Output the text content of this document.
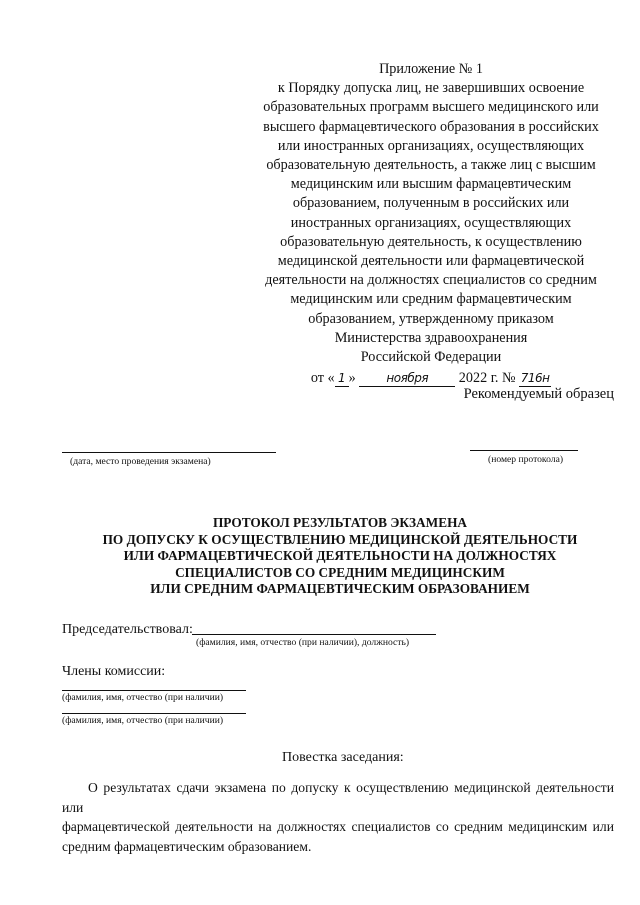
Приложение № 1
к Порядку допуска лиц, не завершивших освоение
образовательных программ высшего медицинского или
высшего фармацевтического образования в российских
или иностранных организациях, осуществляющих
образовательную деятельность, а также лиц с высшим
медицинским или высшим фармацевтическим
образованием, полученным в российских или
иностранных организациях, осуществляющих
образовательную деятельность, к осуществлению
медицинской деятельности или фармацевтической
деятельности на должностях специалистов со средним
медицинским или средним фармацевтическим
образованием, утвержденному приказом
Министерства здравоохранения
Российской Федерации
от « 1 »	ноября 2022 г. № 716н
Рекомендуемый образец
(дата, место проведения экзамена)	(номер протокола)
ПРОТОКОЛ РЕЗУЛЬТАТОВ ЭКЗАМЕНА
ПО ДОПУСКУ К ОСУЩЕСТВЛЕНИЮ МЕДИЦИНСКОЙ ДЕЯТЕЛЬНОСТИ
ИЛИ ФАРМАЦЕВТИЧЕСКОЙ ДЕЯТЕЛЬНОСТИ НА ДОЛЖНОСТЯХ
СПЕЦИАЛИСТОВ СО СРЕДНИМ МЕДИЦИНСКИМ
ИЛИ СРЕДНИМ ФАРМАЦЕВТИЧЕСКИМ ОБРАЗОВАНИЕМ
Председательствовал:
(фамилия, имя, отчество (при наличии), должность)
Члены комиссии:
(фамилия, имя, отчество (при наличии)
(фамилия, имя, отчество (при наличии)
Повестка заседания:
О результатах сдачи экзамена по допуску к осуществлению медицинской деятельности или
фармацевтической деятельности на должностях специалистов со средним медицинским или
средним фармацевтическим образованием.
